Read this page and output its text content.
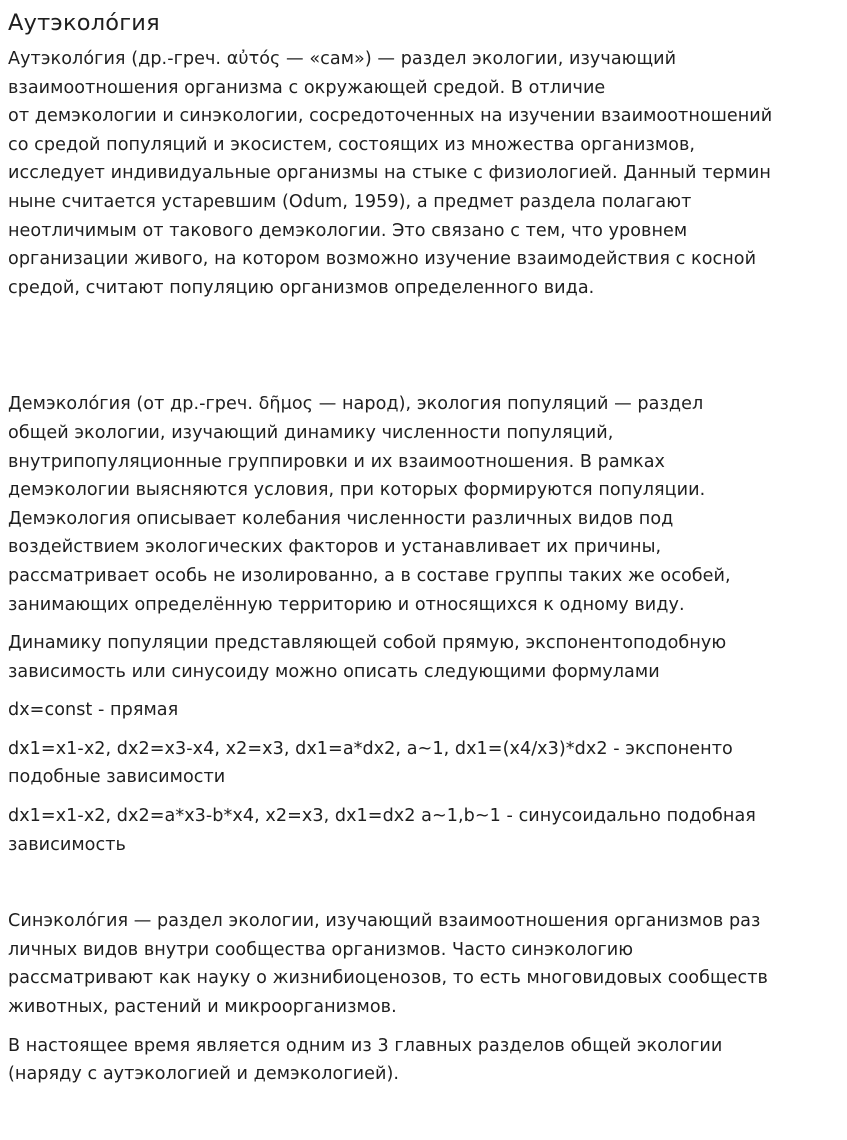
Аутэколо́гия

Аутэколо́гия (др.-греч. αὐτός — «сам») — раздел экологии, изучающий
взаимоотношения организма с окружающей средой. В отличие
от демэкологии и синэкологии, сосредоточенных на изучении взаимоотношений
со средой популяций и экосистем, состоящих из множества организмов,
исследует индивидуальные организмы на стыке с физиологией. Данный термин
ныне считается устаревшим (Odum, 1959), а предмет раздела полагают
неотличимым от такового демэкологии. Это связано с тем, что уровнем
организации живого, на котором возможно изучение взаимодействия с косной
средой, считают популяцию организмов определенного вида.

Демэколо́гия (от др.-греч. δῆμος — народ), экология популяций — раздел
общей экологии, изучающий динамику численности популяций,
внутрипопуляционные группировки и их взаимоотношения. В рамках
демэкологии выясняются условия, при которых формируются популяции.
Демэкология описывает колебания численности различных видов под
воздействием экологических факторов и устанавливает их причины,
рассматривает особь не изолированно, а в составе группы таких же особей,
занимающих определённую территорию и относящихся к одному виду.

Динамику популяции представляющей собой прямую, экспонентоподобную
зависимость или синусоиду можно описать следующими формулами

dx=const - прямая

dx1=x1-x2, dx2=x3-x4, x2=x3, dx1=a*dx2, a~1, dx1=(x4/x3)*dx2 - экспоненто
подобные зависимости

dx1=x1-x2, dx2=a*x3-b*x4, x2=x3, dx1=dx2 a~1,b~1 - синусоидально подобная
зависимость

Синэколо́гия — раздел экологии, изучающий взаимоотношения организмов раз
личных видов внутри сообщества организмов. Часто синэкологию
рассматривают как науку о жизнибиоценозов, то есть многовидовых сообществ
животных, растений и микроорганизмов.

В настоящее время является одним из 3 главных разделов общей экологии
(наряду с аутэкологией и демэкологией).
